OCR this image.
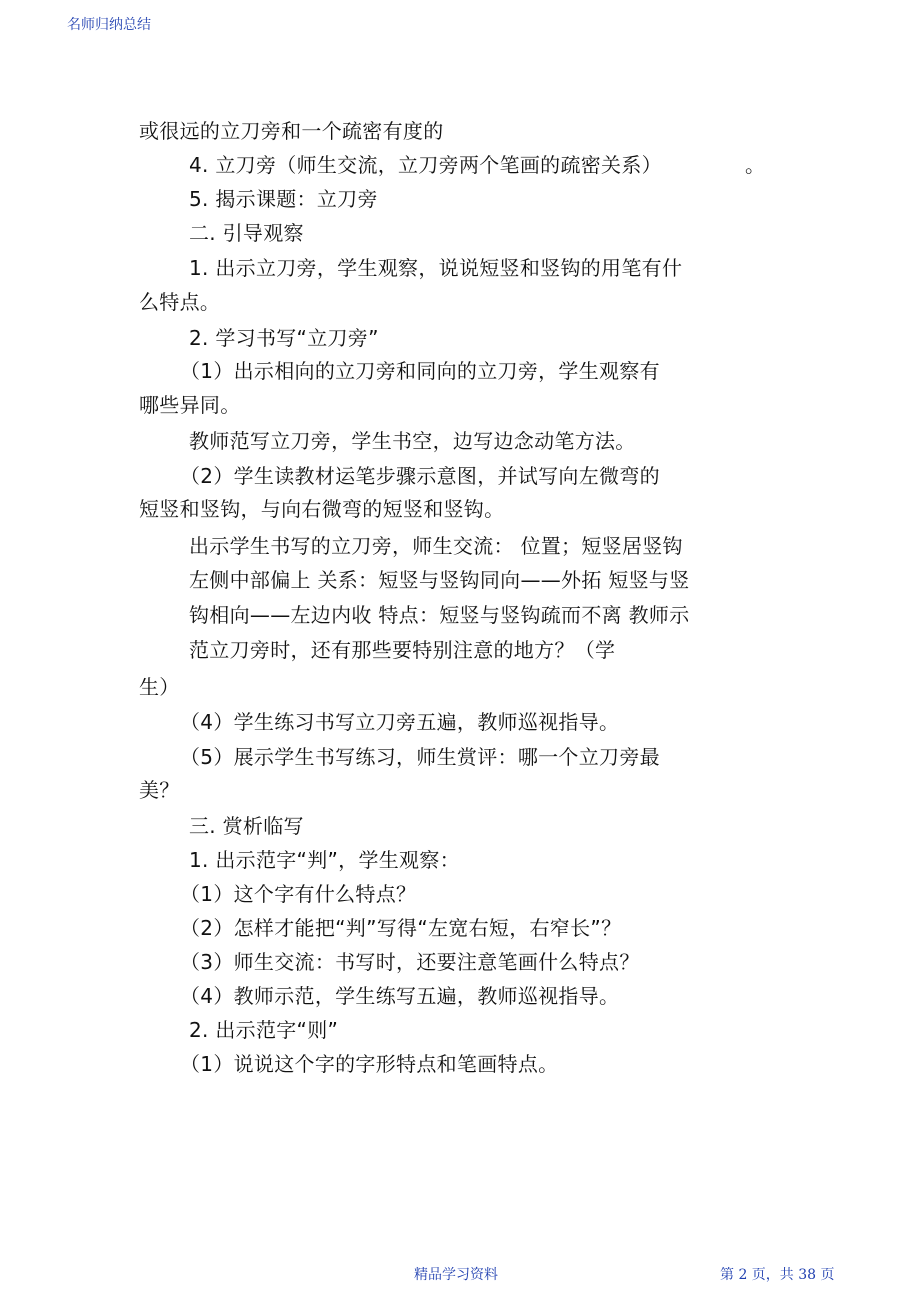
名师归纳总结
或很远的立刀旁和一个疏密有度的
4. 立刀旁（师生交流，立刀旁两个笔画的疏密关系）	。
5. 揭示课题：立刀旁
二. 引导观察
1. 出示立刀旁，学生观察，说说短竖和竖钩的用笔有什
么特点。
2. 学习书写“立刀旁”
（1）出示相向的立刀旁和同向的立刀旁，学生观察有
哪些异同。
教师范写立刀旁，学生书空，边写边念动笔方法。
（2）学生读教材运笔步骤示意图，并试写向左微弯的
短竖和竖钩，与向右微弯的短竖和竖钩。
出示学生书写的立刀旁，师生交流： 位置；短竖居竖钩
左侧中部偏上 关系：短竖与竖钩同向——外拓 短竖与竖
钩相向——左边内收 特点：短竖与竖钩疏而不离 教师示
范立刀旁时，还有那些要特别注意的地方？（学
生）
（4）学生练习书写立刀旁五遍，教师巡视指导。
（5）展示学生书写练习，师生赏评：哪一个立刀旁最
美？
三. 赏析临写
1. 出示范字“判”，学生观察：
（1）这个字有什么特点？
（2）怎样才能把“判”写得“左宽右短，右窄长”？
（3）师生交流：书写时，还要注意笔画什么特点？
（4）教师示范，学生练写五遍，教师巡视指导。
2. 出示范字“则”
（1）说说这个字的字形特点和笔画特点。
精品学习资料	第 2 页，共 38 页
